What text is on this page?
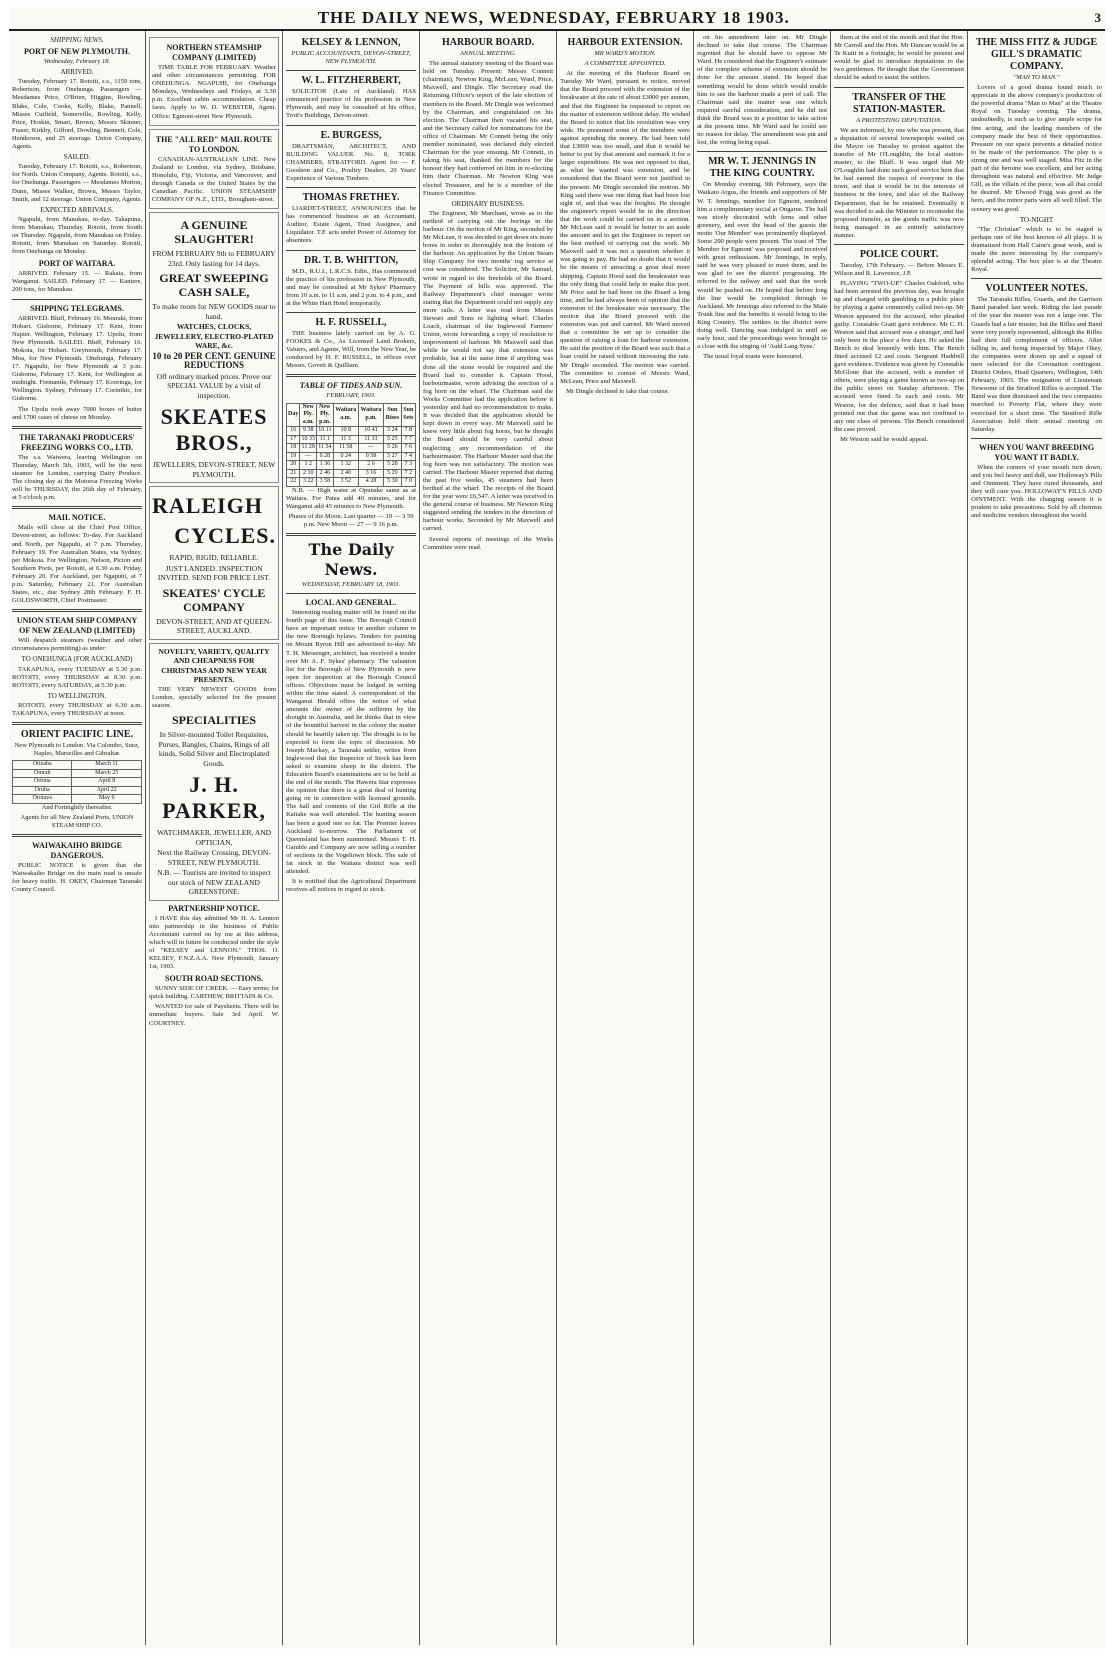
THE DAILY NEWS, WEDNESDAY, FEBRUARY 18 1903.	3
SHIPPING NEWS.
PORT OF NEW PLYMOUTH.
Wednesday, February 18.
ARRIVED.

Tuesday, February 17. Rotoiti, s.s., 1159 tons, Robertson, from Onehunga. Passengers — Mesdames Price, O'Brien, Higgins, Rowling, Blake, Cole, Cooke, Kelly, Blake, Pannell, Misses Cutfield, Somerville, Rowling, Kelly, Price, Hoskin, Smart, Brown, Messrs Skinner, Fraser, Kirkby, Gifford, Dowling, Bennett, Cole, Henderson, and 25 steerage. Union Company, Agents.

SAILED.

Tuesday, February 17. Rotoiti, s.s., Robertson, for North. Union Company, Agents. Rotoiti, s.s., for Onehunga. Passengers — Mesdames Morton, Dunn, Misses Walker, Brown, Messrs Taylor, Smith, and 12 steerage. Union Company, Agents.

EXPECTED ARRIVALS.

Ngapuhi, from Manukau, to-day. Takapuna, from Manukau, Thursday. Rotoiti, from South on Thursday. Ngapuhi, from Manukau on Friday. Rotoiti, from Manukau on Saturday. Rotoiti, from Onehunga on Monday.

PORT OF WAITARA.

ARRIVED. February 15. — Rakaia, from Wanganui. SAILED. February 17. — Kaniere, 200 tons, for Manukau.

SHIPPING TELEGRAMS.

ARRIVED. Bluff, February 16. Mouraki, from Hobart. Gisborne, February 17. Kent, from Napier. Wellington, February 17. Upolu, from New Plymouth. SAILED. Bluff, February 16. Mokoia, for Hobart. Greymouth, February 17. Moa, for New Plymouth. Onehunga, February 17. Ngapuhi, for New Plymouth at 3 p.m. Gisborne, February 17. Kent, for Wellington at midnight. Fremantle, February 17. Kooringa, for Wellington. Sydney, February 17. Corinthic, for Gisborne.

The Upolu took away 7000 boxes of butter and 1700 cases of cheese on Monday.

THE TARANAKI PRODUCERS' FREEZING WORKS CO., LTD.

The s.s. Waiwera, leaving Wellington on Thursday, March 5th, 1903, will be the next steamer for London, carrying Dairy Produce. The closing day at the Motoroa Freezing Works will be THURSDAY, the 26th day of February, at 5 o'clock p.m.

MAIL NOTICE.

Mails will close at the Chief Post Office, Devon-street, as follows: To-day. For Auckland and North, per Ngapuhi, at 7 p.m. Thursday, February 19. For Australian States, via Sydney, per Mokoia. For Wellington, Nelson, Picton and Southern Ports, per Rotoiti, at 6.30 a.m. Friday, February 20. For Auckland, per Ngapuhi, at 7 p.m. Saturday, February 21. For Australian States, etc., due Sydney 28th February. F. H. GOLDSWORTH, Chief Postmaster.

UNION STEAM SHIP COMPANY OF NEW ZEALAND (LIMITED)

Will despatch steamers (weather and other circumstances permitting) as under:

TO ONEHUNGA (FOR AUCKLAND)

TAKAPUNA, every TUESDAY at 5.30 p.m. ROTOITI, every THURSDAY at 8.30 p.m. ROTOITI, every SATURDAY, at 5.30 p.m.

TO WELLINGTON.

ROTOITI, every THURSDAY at 6.30 a.m. TAKAPUNA, every THURSDAY at noon.

ORIENT PACIFIC LINE.

New Plymouth to London. Via Colombo, Suez, Naples, Marseilles and Gibraltar.

Orizaba	March 11
Omrah	March 25
Ortona	April 8
Oruba	April 22
Orotava	May 6

And Fortnightly thereafter.

Agents for all New Zealand Ports, UNION STEAM SHIP CO.

WAIWAKAIHO BRIDGE DANGEROUS.

PUBLIC NOTICE is given that the Waiwakaiho Bridge on the main road is unsafe for heavy traffic. H. OKEY, Chairman Taranaki County Council.

NORTHERN STEAMSHIP COMPANY (LIMITED)

TIME TABLE FOR FEBRUARY. Weather and other circumstances permitting. FOR ONEHUNGA. NGAPUHI, for Onehunga Mondays, Wednesdays and Fridays, at 3.30 p.m. Excellent cabin accommodation. Cheap fares. Apply to W. D. WEBSTER, Agent. Office: Egmont-street New Plymouth.

THE "ALL RED" MAIL ROUTE TO LONDON.

CANADIAN-AUSTRALIAN LINE. New Zealand to London, via Sydney, Brisbane, Honolulu, Fiji, Victoria, and Vancouver, and through Canada or the United States by the Canadian Pacific. UNION STEAMSHIP COMPANY OF N.Z., LTD., Brougham-street.

A GENUINE SLAUGHTER!
FROM FEBRUARY 9th to FEBRUARY 23rd. Only lasting for 14 days.
GREAT SWEEPING CASH SALE,
To make room for NEW GOODS near to hand.
WATCHES, CLOCKS, JEWELLERY, ELECTRO-PLATED WARE, &c.
10 to 20 PER CENT. GENUINE REDUCTIONS
Off ordinary marked prices. Prove our SPECIAL VALUE by a visit of inspection.
SKEATES BROS.,
JEWELLERS, DEVON-STREET, NEW PLYMOUTH.
RALEIGH
CYCLES.
RAPID, RIGID, RELIABLE.
JUST LANDED. INSPECTION INVITED. SEND FOR PRICE LIST.
SKEATES' CYCLE COMPANY
DEVON-STREET, AND AT QUEEN-STREET, AUCKLAND.
NOVELTY, VARIETY, QUALITY AND CHEAPNESS FOR CHRISTMAS AND NEW YEAR PRESENTS.

THE VERY NEWEST GOODS from London, specially selected for the present season.

SPECIALITIES
In Silver-mounted Toilet Requisites, Purses, Bangles, Chains, Rings of all kinds, Solid Silver and Electroplated Goods.
J. H. PARKER,
WATCHMAKER, JEWELLER, AND OPTICIAN,
Next the Railway Crossing, DEVON-STREET, NEW PLYMOUTH.
N.B. — Tourists are invited to inspect our stock of NEW ZEALAND GREENSTONE.
PARTNERSHIP NOTICE.

I HAVE this day admitted Mr H. A. Lennon into partnership in the business of Public Accountant carried on by me at this address, which will in future be conducted under the style of "KELSEY and LENNON." THOS. O. KELSEY, F.N.Z.A.A. New Plymouth, January 1st, 1903.

SOUTH ROAD SECTIONS.

SUNNY SIDE OF CREEK. — Easy terms; for quick building. CARTHEW, BRITTAIN & Co.

WANTED for sale of Paysheets. There will be immediate buyers. Sale 3rd April. W. COURTNEY.

KELSEY & LENNON,
PUBLIC ACCOUNTANTS, DEVON-STREET, NEW PLYMOUTH.
W. L. FITZHERBERT,

SOLICITOR (Late of Auckland). HAS commenced practice of his profession in New Plymouth, and may be consulted at his office, Trott's Buildings, Devon-street.

E. BURGESS,

DRAFTSMAN, ARCHITECT, AND BUILDING VALUER. No. 8, TORK CHAMBERS, STRATFORD. Agent for — F. Goodson and Co., Poultry Dealers. 20 Years' Experience of Various Timbers.

THOMAS FRETHEY.

LIARDET-STREET, ANNOUNCES that he has commenced business as an Accountant, Auditor, Estate Agent, Trust Assignee, and Liquidator. T.F. acts under Power of Attorney for absentees.

DR. T. B. WHITTON,

M.D., R.U.I., L.R.C.S. Edin., Has commenced the practice of his profession in New Plymouth, and may be consulted at Mr Sykes' Pharmacy from 10 a.m. to 11 a.m. and 2 p.m. to 4 p.m., and at the White Hart Hotel temporarily.

H. F. RUSSELL,

THE business lately carried on by A. G. FOOKES & Co., As Licensed Land Brokers, Valuers, and Agents, Will, from the New Year, be conducted by H. F. RUSSELL, in offices over Messrs. Govett & Quilliam.

TABLE OF TIDES AND SUN.
FEBRUARY, 1903.
Day	New Ply. a.m.	New Ply. p.m.	Waitara a.m.	Waitara p.m.	Sun Rises	Sun Sets
16	9 38	10 11	10 8	10 41	5 24	7 8
17	10 33	11 1	11 3	11 31	5 25	7 7
18	11 28	11 54	11 58	—	5 26	7 6
19	—	0 28	0 24	0 58	5 27	7 4
20	1 2	1 36	1 32	2 6	5 28	7 3
21	2 10	2 46	2 40	3 16	5 29	7 2
22	3 22	3 58	3 52	4 28	5 30	7 0

N.B. — High water at Opunake same as at Waitara. For Patea add 40 minutes, and for Wanganui add 45 minutes to New Plymouth.

Phases of the Moon. Last quarter — 19 — 3 59 p.m. New Moon — 27 — 9 16 p.m.

The Daily News.
WEDNESDAY, FEBRUARY 18, 1903.
LOCAL AND GENERAL.

Interesting reading matter will be found on the fourth page of this issue. The Borough Council have an important notice in another column re the new Borough bylaws. Tenders for painting on Mount Byron Hill are advertised to-day. Mr T. H. Messenger, architect, has received a tender over Mr A. F. Sykes' pharmacy. The valuation list for the Borough of New Plymouth is now open for inspection at the Borough Council offices. Objections must be lodged in writing within the time stated. A correspondent of the Wanganui Herald offers the notice of what amounts the owner of the sufferers by the drought in Australia, and he thinks that in view of the bountiful harvest in the colony the matter should be heartily taken up. The drought is to be expected to form the topic of discussion. Mr Joseph Mackay, a Taranaki settler, writes from Inglewood that the Inspector of Stock has been asked to examine sheep in the district. The Education Board's examinations are to be held at the end of the month. The Hawera Star expresses the opinion that there is a great deal of hunting going on in connection with licensed grounds. The hall and contents of the Girl Rifle at the Kaitake was well attended. The hunting season has been a good one so far. The Premier leaves Auckland to-morrow. The Parliament of Queensland has been summoned. Messrs T. H. Gamble and Company are now selling a number of sections in the Vogeltown block. The sale of fat stock in the Waitara district was well attended.

It is notified that the Agricultural Department receives all notices in regard to stock.

HARBOUR BOARD.
ANNUAL MEETING.

The annual statutory meeting of the Board was held on Tuesday. Present: Messrs Connett (chairman), Newton King, McLean, Ward, Price, Maxwell, and Dingle. The Secretary read the Returning Officer's report of the late election of members to the Board. Mr Dingle was welcomed by the Chairman, and congratulated on his election. The Chairman then vacated his seat, and the Secretary called for nominations for the office of Chairman. Mr Connett being the only member nominated, was declared duly elected Chairman for the year ensuing. Mr Connett, in taking his seat, thanked the members for the honour they had conferred on him in re-electing him their Chairman. Mr Newton King was elected Treasurer, and he is a member of the Finance Committee.

ORDINARY BUSINESS.

The Engineer, Mr Marchant, wrote as to the method of carrying out the borings in the harbour. On the motion of Mr King, seconded by Mr McLean, it was decided to get down six more bores in order to thoroughly test the bottom of the harbour. An application by the Union Steam Ship Company for two months' tug service at cost was considered. The Solicitor, Mr Samuel, wrote in regard to the freeholds of the Board. The Payment of bills was approved. The Railway Department's chief manager wrote stating that the Department could not supply any more rails. A letter was read from Messrs Stewart and Sons re lighting wharf. Charles Loach, chairman of the Inglewood Farmers' Union, wrote forwarding a copy of resolution re improvement of harbour. Mr Maxwell said that while he would not say that extension was probable, but at the same time if anything was done all the stone would be required and the Board had to consider it. Captain Hood, harbourmaster, wrote advising the erection of a fog horn on the wharf. The Chairman said the Works Committee had the application before it yesterday and had no recommendation to make. It was decided that the application should be kept down in every way. Mr Maxwell said he knew very little about fog horns, but he thought the Board should be very careful about neglecting any recommendation of the harbourmaster. The Harbour Master said that the fog horn was not satisfactory. The motion was carried. The Harbour Master reported that during the past five weeks, 45 steamers had been berthed at the wharf. The receipts of the Board for the year were £6,547. A letter was received in the general course of business. Mr Newton King suggested sending the tenders in the direction of harbour works. Seconded by Mr Maxwell and carried.

Several reports of meetings of the Works Committee were read.

HARBOUR EXTENSION.
MR WARD'S MOTION.
A COMMITTEE APPOINTED.

At the meeting of the Harbour Board on Tuesday Mr Ward, pursuant to notice, moved that the Board proceed with the extension of the breakwater at the rate of about £3000 per annum, and that the Engineer be requested to report on the matter of extension without delay. He wished the Board to notice that his resolution was very wide. He presumed some of the members were against spending the money. He had been told that £3000 was too small, and that it would be better to put by that amount and earmark it for a larger expenditure. He was not opposed to that, as what he wanted was extension, and he considered that the Board were not justified in the present. Mr Dingle seconded the motion. Mr King said there was one thing that had been lost sight of, and that was the freights. He thought the engineer's report would be in the direction that the work could be carried on in a section. Mr McLean said it would be better to set aside the amount and to get the Engineer to report on the best method of carrying out the work. Mr Maxwell said it was not a question whether it was going to pay. He had no doubt that it would be the means of attracting a great deal more shipping. Captain Hood said the breakwater was the only thing that could help to make this port. Mr Price said he had been on the Board a long time, and he had always been of opinion that the extension of the breakwater was necessary. The motion that the Board proceed with the extension was put and carried. Mr Ward moved that a committee be set up to consider the question of raising a loan for harbour extension. He said the position of the Board was such that a loan could be raised without increasing the rate. Mr Dingle seconded. The motion was carried. The committee to consist of Messrs Ward, McLean, Price and Maxwell.

Mr Dingle declined to take that course.

on his amendment later on. Mr Dingle declined to take that course. The Chairman regretted that he should have to oppose Mr Ward. He considered that the Engineer's estimate of the complete scheme of extension should be done for the amount stated. He hoped that something would be done which would enable him to see the harbour made a port of call. The Chairman said the matter was one which required careful consideration, and he did not think the Board was in a position to take action at the present time. Mr Ward said he could see no reason for delay. The amendment was put and lost, the voting being equal.

MR W. T. JENNINGS IN THE KING COUNTRY.

On Monday evening, 9th February, says the Waikato Argus, the friends and supporters of Mr W. T. Jennings, member for Egmont, tendered him a complimentary social at Ongarue. The hall was nicely decorated with ferns and other greenery, and over the head of the guests the motto 'Our Member' was prominently displayed. Some 200 people were present. The toast of 'The Member for Egmont' was proposed and received with great enthusiasm. Mr Jennings, in reply, said he was very pleased to meet them, and he was glad to see the district progressing. He referred to the railway and said that the work would be pushed on. He hoped that before long the line would be completed through to Auckland. Mr Jennings also referred to the Main Trunk line and the benefits it would bring to the King Country. The settlers in the district were doing well. Dancing was indulged in until an early hour, and the proceedings were brought to a close with the singing of 'Auld Lang Syne.'

The usual loyal toasts were honoured.

them at the end of the month and that the Hon. Mr Carroll and the Hon. Mr Duncan would be at Te Kuiti in a fortnight; he would be present and would be glad to introduce deputations to the two gentlemen. He thought that the Government should be asked to assist the settlers.

TRANSFER OF THE STATION-MASTER.
A PROTESTING DEPUTATION.

We are informed, by one who was present, that a deputation of several townspeople waited on the Mayor on Tuesday to protest against the transfer of Mr O'Loughlin, the local station-master, to the Bluff. It was urged that Mr O'Loughlin had done such good service here that he had earned the respect of everyone in the town, and that it would be in the interests of business in the town, and also of the Railway Department, that he be retained. Eventually it was decided to ask the Minister to reconsider the proposed transfer, as the goods traffic was now being managed in an entirely satisfactory manner.

POLICE COURT.

Tuesday, 17th February. — Before Messrs E. Wilson and R. Lawrence, J.P.

PLAYING "TWO-UP." Charles Oakford, who had been arrested the previous day, was brought up and charged with gambling in a public place by playing a game commonly called two-up. Mr Weston appeared for the accused, who pleaded guilty. Constable Grant gave evidence. Mr C. H. Weston said that accused was a stranger, and had only been in the place a few days. He asked the Bench to deal leniently with him. The Bench fined accused £2 and costs. Sergeant Haddrell gave evidence. Evidence was given by Constable McGlone that the accused, with a number of others, were playing a game known as two-up on the public street on Sunday afternoon. The accused were fined 5s each and costs. Mr Weston, for the defence, said that it had been pointed out that the game was not confined to any one class of persons. The Bench considered the case proved.

Mr Weston said he would appeal.

THE MISS FITZ & JUDGE GILL'S DRAMATIC COMPANY.
"MAN TO MAN."

Lovers of a good drama found much to appreciate in the above company's production of the powerful drama "Man to Man" at the Theatre Royal on Tuesday evening. The drama, undoubtedly, is such as to give ample scope for fine acting, and the leading members of the company made the best of their opportunities. Pressure on our space prevents a detailed notice to be made of the performance. The play is a strong one and was well staged. Miss Fitz in the part of the heroine was excellent, and her acting throughout was natural and effective. Mr Judge Gill, as the villain of the piece, was all that could be desired. Mr Elwood Fogg was good as the hero, and the minor parts were all well filled. The scenery was good.

TO-NIGHT

"The Christian" which is to be staged is perhaps one of the best known of all plays. It is dramatized from Hall Caine's great work, and is made the more interesting by the company's splendid acting. The box plan is at the Theatre Royal.

VOLUNTEER NOTES.

The Taranaki Rifles, Guards, and the Garrison Band paraded last week. Riding the last parade of the year the muster was not a large one. The Guards had a fair muster, but the Rifles and Band were very poorly represented, although the Rifles had their full complement of officers. After falling in, and being inspected by Major Okey, the companies were drawn up and a squad of men selected for the Coronation contingent. District Orders, Head Quarters, Wellington, 14th February, 1903. The resignation of Lieutenant Newsome of the Stratford Rifles is accepted. The Band was then dismissed and the two companies marched to Poverty Flat, where they were exercised for a short time. The Stratford Rifle Association held their annual meeting on Saturday.

WHEN YOU WANT BREEDING YOU WANT IT BADLY.

When the corners of your mouth turn down, and you feel heavy and dull, use Holloway's Pills and Ointment. They have cured thousands, and they will cure you. HOLLOWAY'S PILLS AND OINTMENT. With the changing season it is prudent to take precautions. Sold by all chemists and medicine vendors throughout the world.
